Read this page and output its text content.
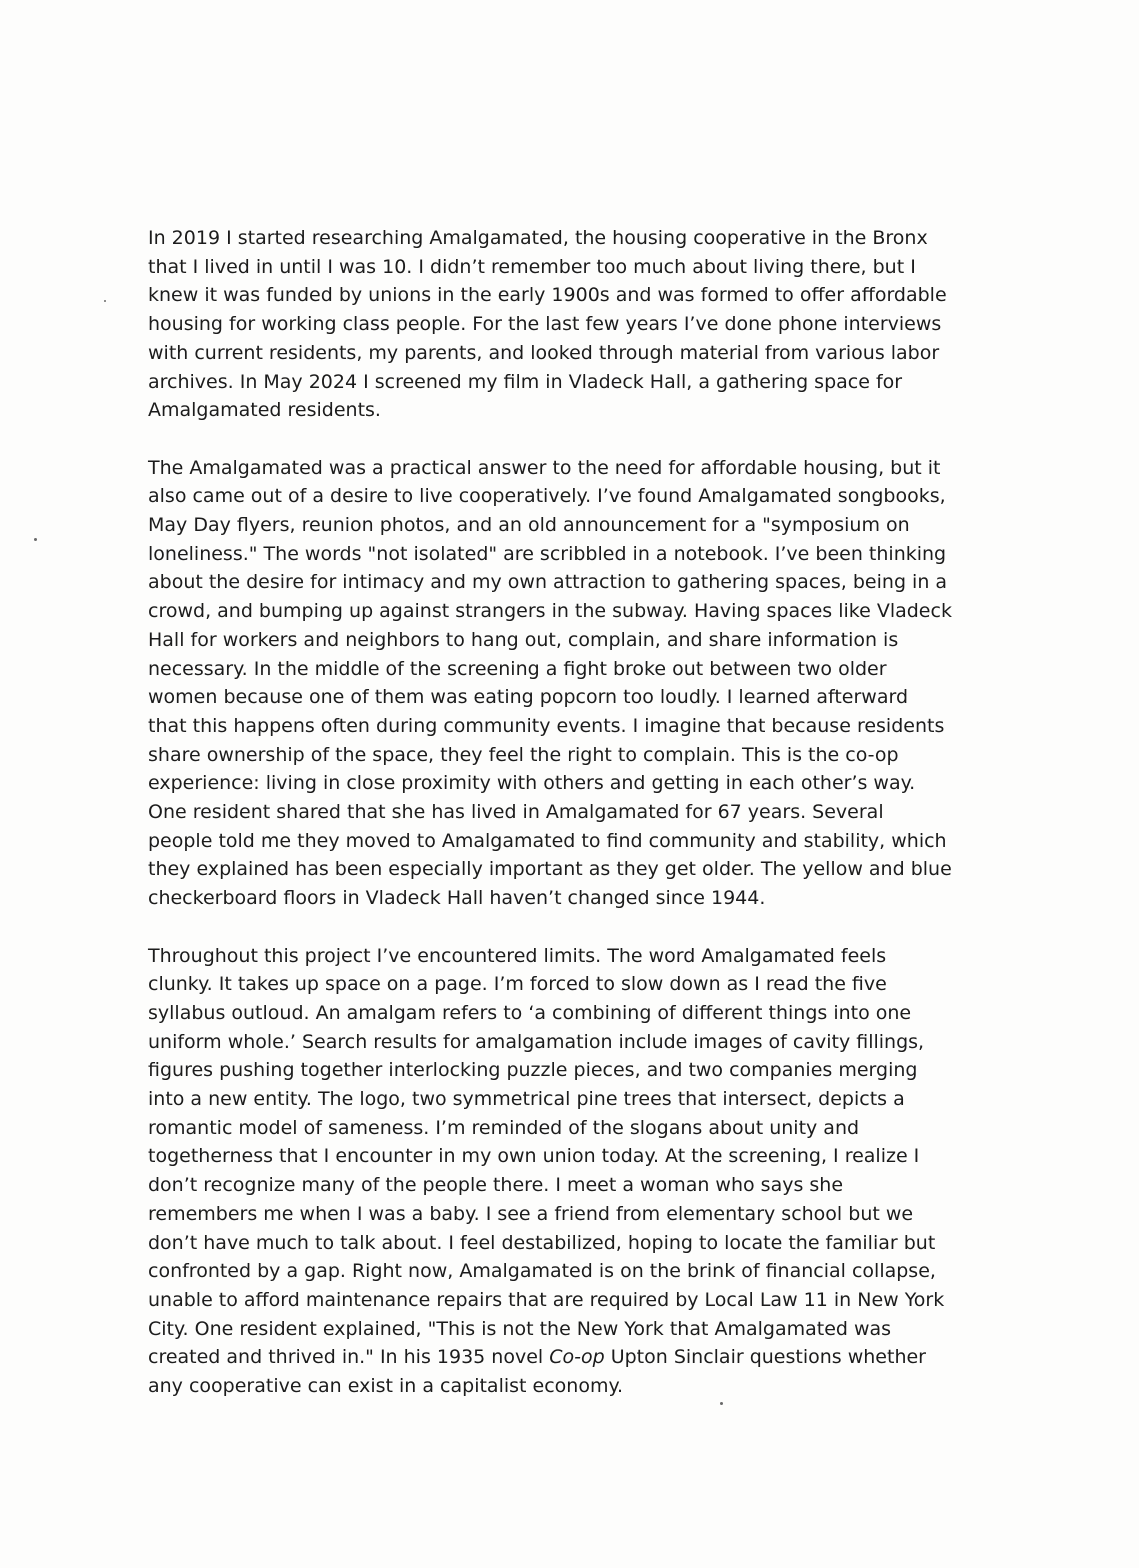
In 2019 I started researching Amalgamated, the housing cooperative in the Bronx
that I lived in until I was 10. I didn’t remember too much about living there, but I
knew it was funded by unions in the early 1900s and was formed to offer affordable
housing for working class people. For the last few years I’ve done phone interviews
with current residents, my parents, and looked through material from various labor
archives. In May 2024 I screened my film in Vladeck Hall, a gathering space for
Amalgamated residents.

The Amalgamated was a practical answer to the need for affordable housing, but it
also came out of a desire to live cooperatively. I’ve found Amalgamated songbooks,
May Day flyers, reunion photos, and an old announcement for a "symposium on
loneliness." The words "not isolated" are scribbled in a notebook. I’ve been thinking
about the desire for intimacy and my own attraction to gathering spaces, being in a
crowd, and bumping up against strangers in the subway. Having spaces like Vladeck
Hall for workers and neighbors to hang out, complain, and share information is
necessary. In the middle of the screening a fight broke out between two older
women because one of them was eating popcorn too loudly. I learned afterward
that this happens often during community events. I imagine that because residents
share ownership of the space, they feel the right to complain. This is the co-op
experience: living in close proximity with others and getting in each other’s way.
One resident shared that she has lived in Amalgamated for 67 years. Several
people told me they moved to Amalgamated to find community and stability, which
they explained has been especially important as they get older. The yellow and blue
checkerboard floors in Vladeck Hall haven’t changed since 1944.

Throughout this project I’ve encountered limits. The word Amalgamated feels
clunky. It takes up space on a page. I’m forced to slow down as I read the five
syllabus outloud. An amalgam refers to ‘a combining of different things into one
uniform whole.’ Search results for amalgamation include images of cavity fillings,
figures pushing together interlocking puzzle pieces, and two companies merging
into a new entity. The logo, two symmetrical pine trees that intersect, depicts a
romantic model of sameness. I’m reminded of the slogans about unity and
togetherness that I encounter in my own union today. At the screening, I realize I
don’t recognize many of the people there. I meet a woman who says she
remembers me when I was a baby. I see a friend from elementary school but we
don’t have much to talk about. I feel destabilized, hoping to locate the familiar but
confronted by a gap. Right now, Amalgamated is on the brink of financial collapse,
unable to afford maintenance repairs that are required by Local Law 11 in New York
City. One resident explained, "This is not the New York that Amalgamated was
created and thrived in." In his 1935 novel Co-op Upton Sinclair questions whether
any cooperative can exist in a capitalist economy.
